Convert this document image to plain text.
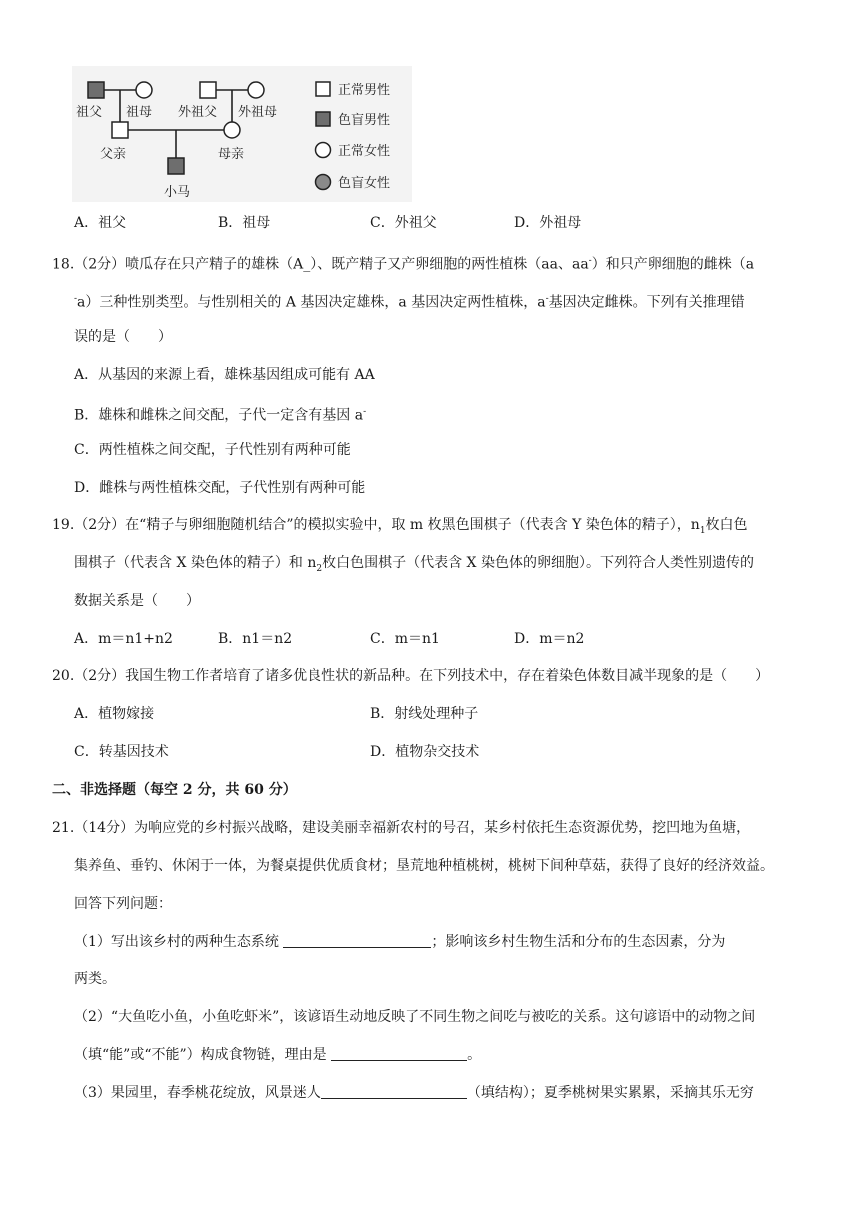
祖父 祖母 外祖父 外祖母
父亲	母亲
小马
正常男性
色盲男性
正常女性
色盲女性
A．祖父	B．祖母	C．外祖父	D．外祖母
18.（2分）喷瓜存在只产精子的雄株（A_）、既产精子又产卵细胞的两性植株（aa、aa-）和只产卵细胞的雌株（a
-a）三种性别类型。与性别相关的 A 基因决定雄株，a 基因决定两性植株，a-基因决定雌株。下列有关推理错
误的是（　　）
A．从基因的来源上看，雄株基因组成可能有 AA
B．雄株和雌株之间交配，子代一定含有基因 a-
C．两性植株之间交配，子代性别有两种可能
D．雌株与两性植株交配，子代性别有两种可能
19.（2分）在“精子与卵细胞随机结合”的模拟实验中，取 m 枚黑色围棋子（代表含 Y 染色体的精子），$n_1$枚白色
围棋子（代表含 X 染色体的精子）和 $n_2$枚白色围棋子（代表含 X 染色体的卵细胞）。下列符合人类性别遗传的
数据关系是（　　）
A．m＝n1+n2	B．n1＝n2	C．m＝n1	D．m＝n2
20.（2分）我国生物工作者培育了诸多优良性状的新品种。在下列技术中，存在着染色体数目减半现象的是（　　）
A．植物嫁接	B．射线处理种子
C．转基因技术	D．植物杂交技术
二、非选择题（每空 2 分，共 60 分）
21.（14分）为响应党的乡村振兴战略，建设美丽幸福新农村的号召，某乡村依托生态资源优势，挖凹地为鱼塘，
集养鱼、垂钓、休闲于一体，为餐桌提供优质食材；垦荒地种植桃树，桃树下间种草菇，获得了良好的经济效益。
回答下列问题：
（1）写出该乡村的两种生态系统	；影响该乡村生物生活和分布的生态因素，分为
两类。
（2）“大鱼吃小鱼，小鱼吃虾米”，该谚语生动地反映了不同生物之间吃与被吃的关系。这句谚语中的动物之间
（填“能”或“不能”）构成食物链，理由是	。
（3）果园里，春季桃花绽放，风景迷人	（填结构）；夏季桃树果实累累，采摘其乐无穷
